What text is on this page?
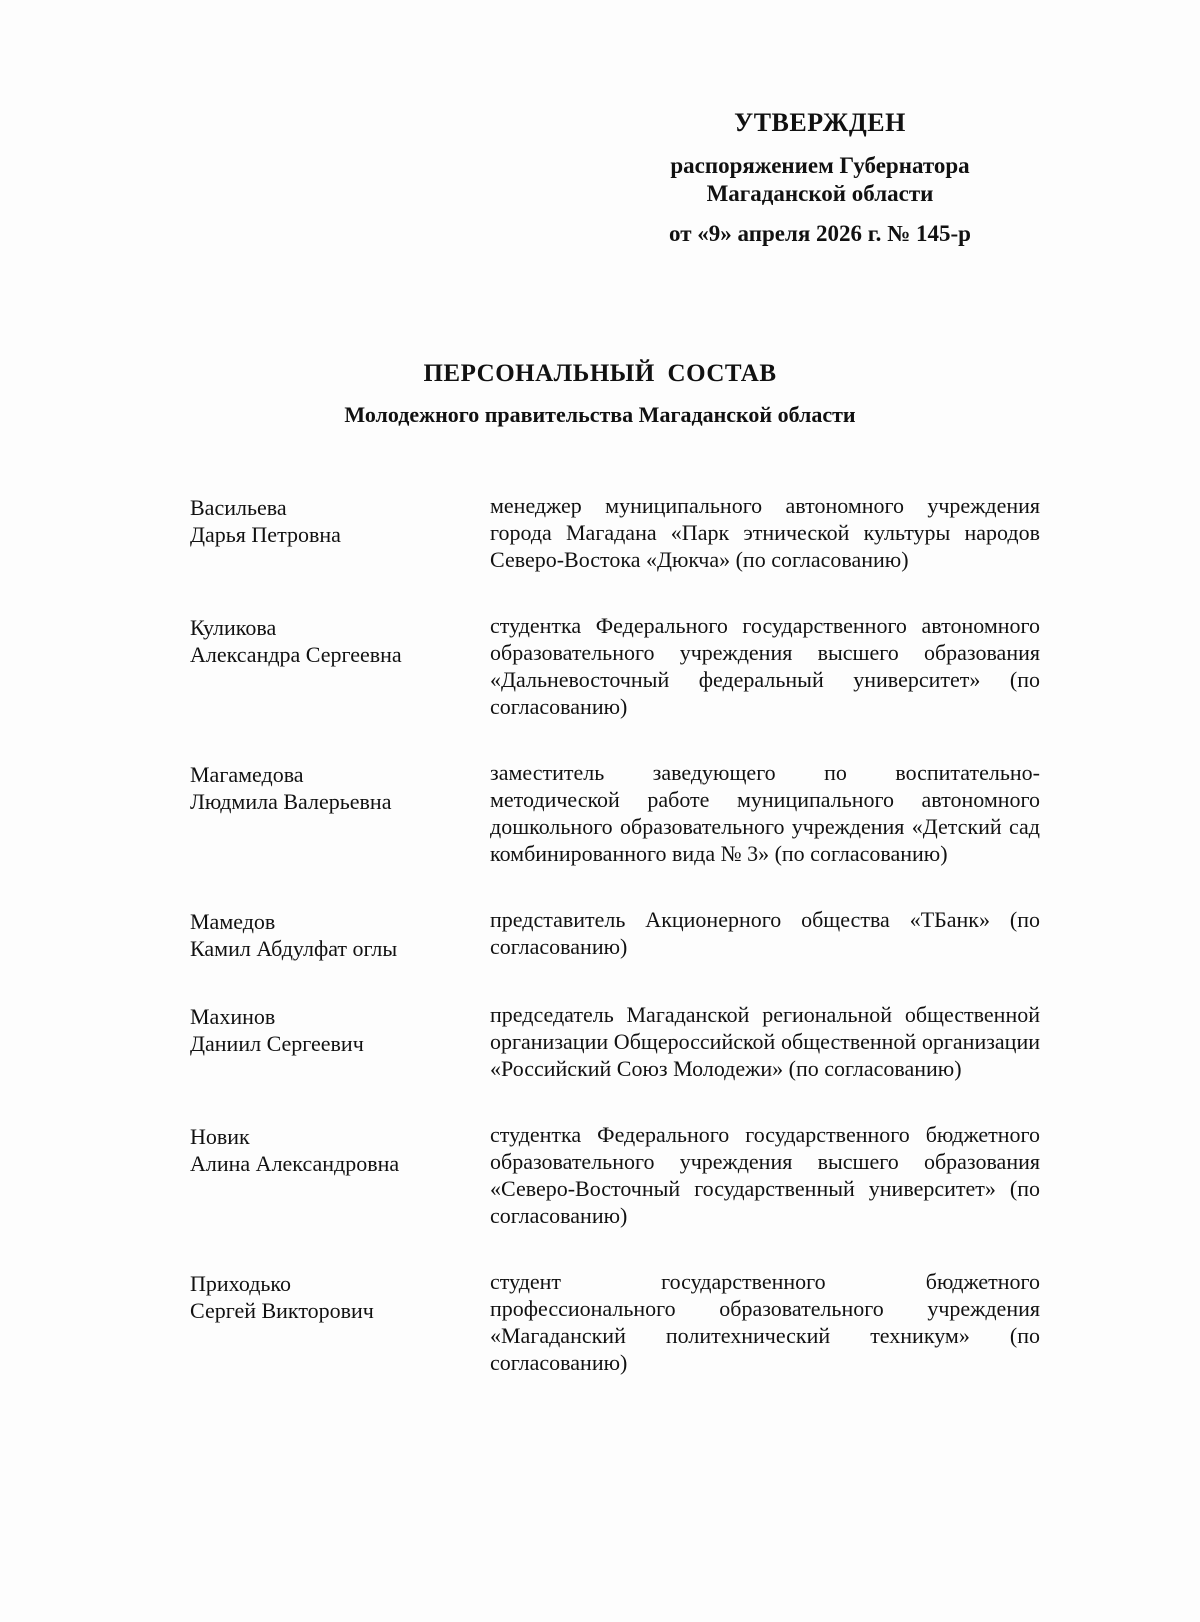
УТВЕРЖДЕН
распоряжением Губернатора
Магаданской области
от «9» апреля 2026 г. № 145-р
ПЕРСОНАЛЬНЫЙ СОСТАВ
Молодежного правительства Магаданской области
Васильева
Дарья Петровна
менеджер муниципального автономного учреждения города Магадана «Парк этнической культуры народов Северо-Востока «Дюкча» (по согласованию)
Куликова
Александра Сергеевна
студентка Федерального государственного автономного образовательного учреждения высшего образования «Дальневосточный федеральный университет» (по согласованию)
Магамедова
Людмила Валерьевна
заместитель заведующего по воспитательно-методической работе муниципального автономного дошкольного образовательного учреждения «Детский сад комбинированного вида № 3» (по согласованию)
Мамедов
Камил Абдулфат оглы
представитель Акционерного общества «ТБанк» (по согласованию)
Махинов
Даниил Сергеевич
председатель Магаданской региональной общественной организации Общероссийской общественной организации «Российский Союз Молодежи» (по согласованию)
Новик
Алина Александровна
студентка Федерального государственного бюджетного образовательного учреждения высшего образования «Северо-Восточный государственный университет» (по согласованию)
Приходько
Сергей Викторович
студент государственного бюджетного профессионального образовательного учреждения «Магаданский политехнический техникум» (по согласованию)
